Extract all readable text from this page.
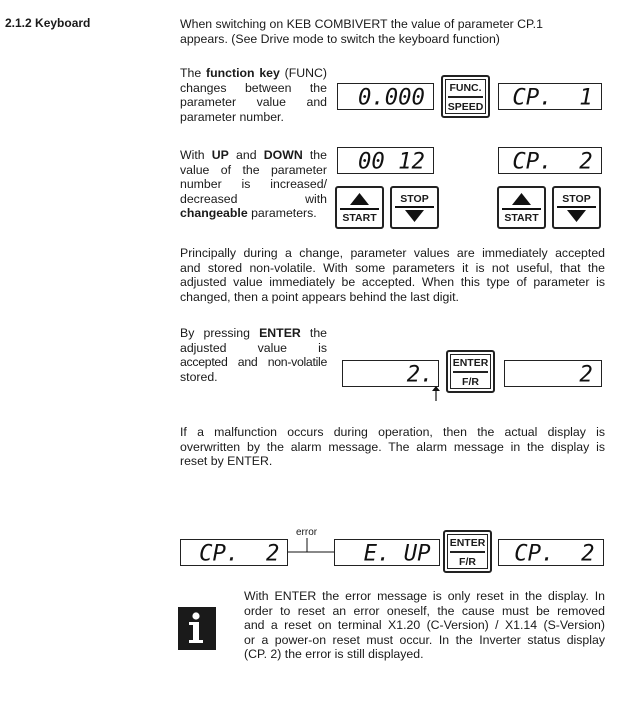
2.1.2 Keyboard	When switching on KEB COMBIVERT the value of parameter CP.1
appears. (See Drive mode to switch the keyboard function)
The function key (FUNC)
changes between the
parameter value and
parameter number.
0.000	FUNC.
SPEED CP.  1
With UP and DOWN the
value of the parameter
number is increased/
decreased with
changeable parameters.
00 12	CP.  2
START
STOP
START
STOP
Principally during a change, parameter values are immediately accepted
and stored non-volatile. With some parameters it is not useful, that the
adjusted value immediately be accepted. When this type of parameter is
changed, then a point appears behind the last digit.
By pressing ENTER the
adjusted value is
accepted and non-volatile
stored.	2.	ENTER
F/R	2
If a malfunction occurs during operation, then the actual display is
overwritten by the alarm message. The alarm message in the display is
reset by ENTER.
CP.  2
error
E. UP	ENTER
F/R	CP.  2
With ENTER the error message is only reset in the display. In
order to reset an error oneself, the cause must be removed
and a reset on terminal X1.20 (C-Version) / X1.14 (S-Version)
or a power-on reset must occur. In the Inverter status display
(CP. 2) the error is still displayed.
